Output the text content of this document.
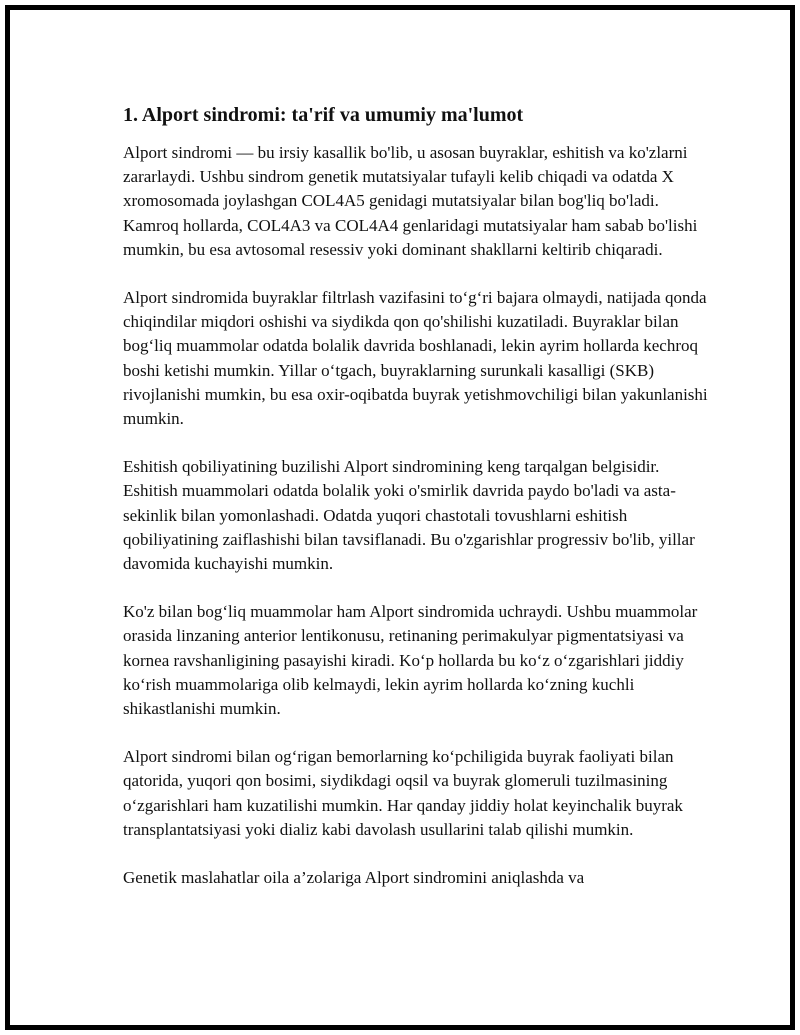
1. Alport sindromi: ta'rif va umumiy ma'lumot

Alport sindromi — bu irsiy kasallik bo'lib, u asosan buyraklar, eshitish va ko'zlarni zararlaydi. Ushbu sindrom genetik mutatsiyalar tufayli kelib chiqadi va odatda X xromosomada joylashgan COL4A5 genidagi mutatsiyalar bilan bog'liq bo'ladi. Kamroq hollarda, COL4A3 va COL4A4 genlaridagi mutatsiyalar ham sabab bo'lishi mumkin, bu esa avtosomal resessiv yoki dominant shakllarni keltirib chiqaradi.

Alport sindromida buyraklar filtrlash vazifasini to‘g‘ri bajara olmaydi, natijada qonda chiqindilar miqdori oshishi va siydikda qon qo'shilishi kuzatiladi. Buyraklar bilan bog‘liq muammolar odatda bolalik davrida boshlanadi, lekin ayrim hollarda kechroq boshi ketishi mumkin. Yillar o‘tgach, buyraklarning surunkali kasalligi (SKB) rivojlanishi mumkin, bu esa oxir-oqibatda buyrak yetishmovchiligi bilan yakunlanishi mumkin.

Eshitish qobiliyatining buzilishi Alport sindromining keng tarqalgan belgisidir. Eshitish muammolari odatda bolalik yoki o'smirlik davrida paydo bo'ladi va asta-sekinlik bilan yomonlashadi. Odatda yuqori chastotali tovushlarni eshitish qobiliyatining zaiflashishi bilan tavsiflanadi. Bu o'zgarishlar progressiv bo'lib, yillar davomida kuchayishi mumkin.

Ko'z bilan bog‘liq muammolar ham Alport sindromida uchraydi. Ushbu muammolar orasida linzaning anterior lentikonusu, retinaning perimakulyar pigmentatsiyasi va kornea ravshanligining pasayishi kiradi. Ko‘p hollarda bu ko‘z o‘zgarishlari jiddiy ko‘rish muammolariga olib kelmaydi, lekin ayrim hollarda ko‘zning kuchli shikastlanishi mumkin.

Alport sindromi bilan og‘rigan bemorlarning ko‘pchiligida buyrak faoliyati bilan qatorida, yuqori qon bosimi, siydikdagi oqsil va buyrak glomeruli tuzilmasining o‘zgarishlari ham kuzatilishi mumkin. Har qanday jiddiy holat keyinchalik buyrak transplantatsiyasi yoki dializ kabi davolash usullarini talab qilishi mumkin.

Genetik maslahatlar oila a’zolariga Alport sindromini aniqlashda va
